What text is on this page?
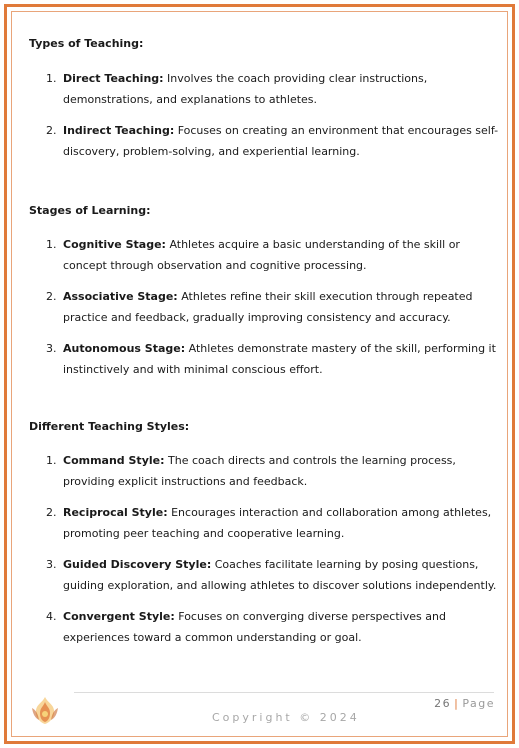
Types of Teaching:
1. Direct Teaching: Involves the coach providing clear instructions, demonstrations, and explanations to athletes.
2. Indirect Teaching: Focuses on creating an environment that encourages self-discovery, problem-solving, and experiential learning.
Stages of Learning:
1. Cognitive Stage: Athletes acquire a basic understanding of the skill or concept through observation and cognitive processing.
2. Associative Stage: Athletes refine their skill execution through repeated practice and feedback, gradually improving consistency and accuracy.
3. Autonomous Stage: Athletes demonstrate mastery of the skill, performing it instinctively and with minimal conscious effort.
Different Teaching Styles:
1. Command Style: The coach directs and controls the learning process, providing explicit instructions and feedback.
2. Reciprocal Style: Encourages interaction and collaboration among athletes, promoting peer teaching and cooperative learning.
3. Guided Discovery Style: Coaches facilitate learning by posing questions, guiding exploration, and allowing athletes to discover solutions independently.
4. Convergent Style: Focuses on converging diverse perspectives and experiences toward a common understanding or goal.
26 | Page
Copyright © 2024
